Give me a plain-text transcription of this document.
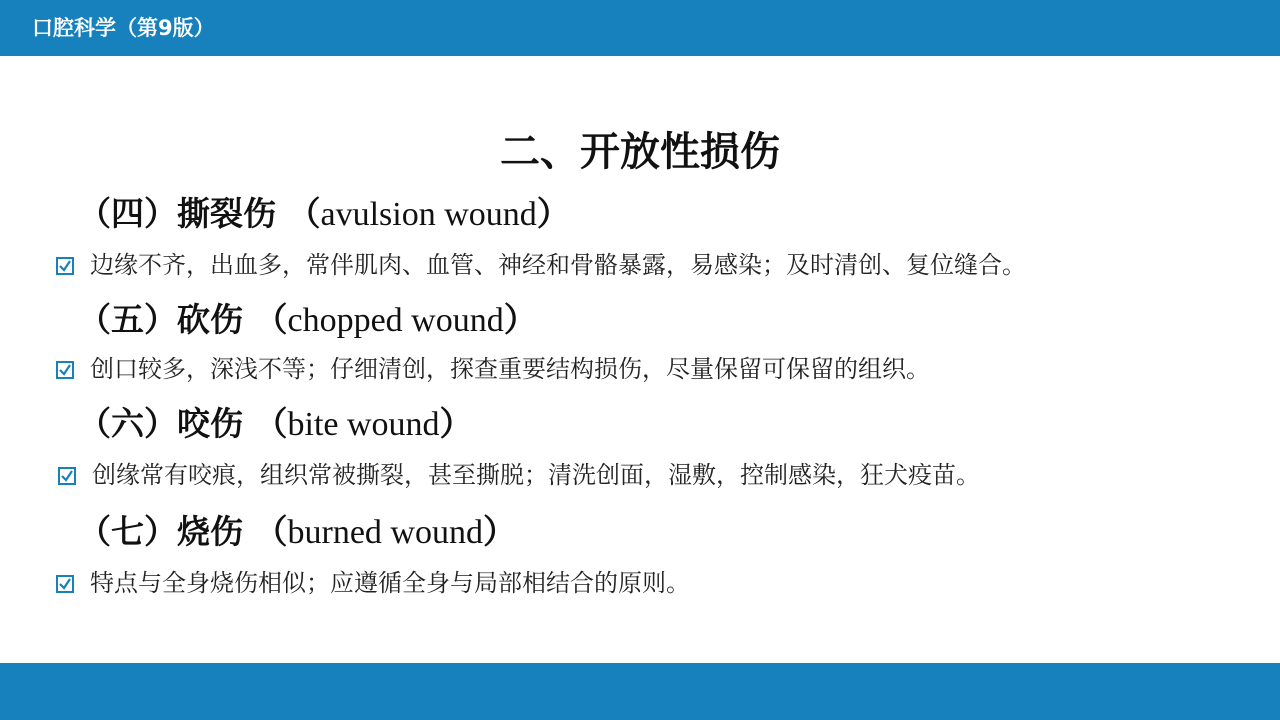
口腔科学（第9版）
二、开放性损伤
（四）撕裂伤 （avulsion wound）
边缘不齐，出血多，常伴肌肉、血管、神经和骨骼暴露，易感染；及时清创、复位缝合。
（五）砍伤 （chopped wound）
创口较多，深浅不等；仔细清创，探查重要结构损伤，尽量保留可保留的组织。
（六）咬伤 （bite wound）
创缘常有咬痕，组织常被撕裂，甚至撕脱；清洗创面，湿敷，控制感染，狂犬疫苗。
（七）烧伤 （burned wound）
特点与全身烧伤相似；应遵循全身与局部相结合的原则。
